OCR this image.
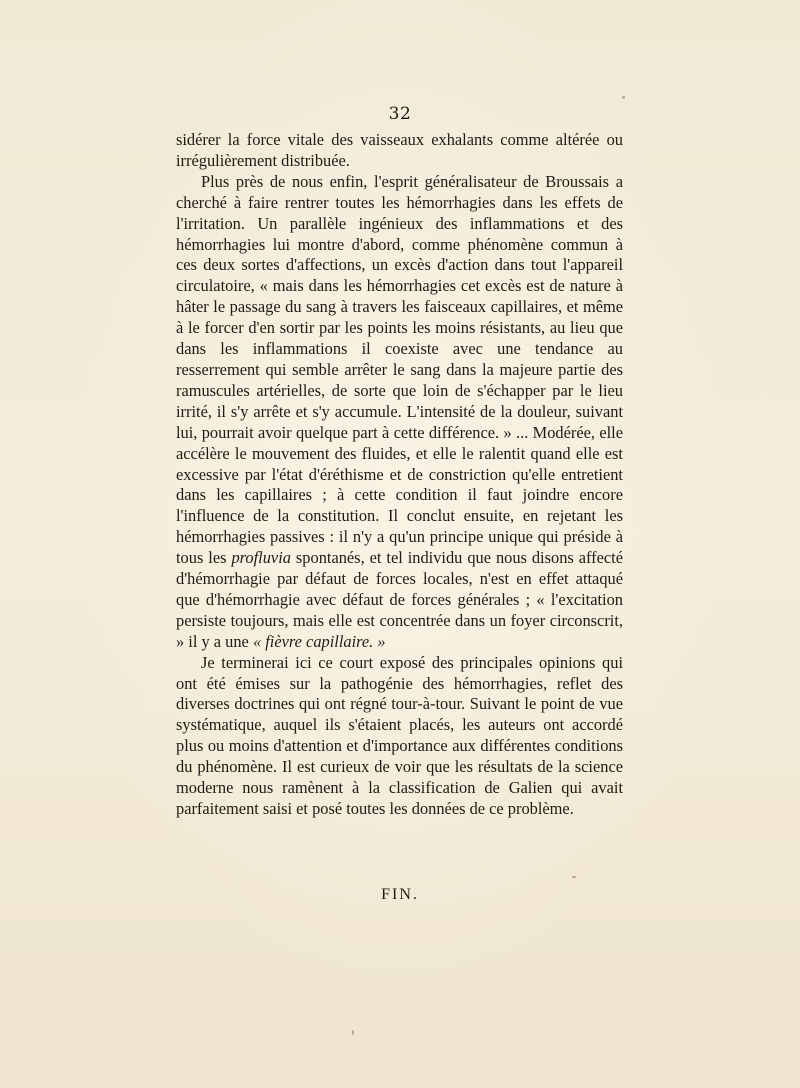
32

sidérer la force vitale des vaisseaux exhalants comme altérée ou irrégulièrement distribuée.

Plus près de nous enfin, l'esprit généralisateur de Broussais a cherché à faire rentrer toutes les hémorrhagies dans les effets de l'irritation. Un parallèle ingénieux des inflammations et des hémorrhagies lui montre d'abord, comme phénomène commun à ces deux sortes d'affections, un excès d'action dans tout l'appareil circulatoire, « mais dans les hémorrhagies cet excès est de nature à hâter le passage du sang à travers les faisceaux capillaires, et même à le forcer d'en sortir par les points les moins résistants, au lieu que dans les inflammations il coexiste avec une tendance au resserrement qui semble arrêter le sang dans la majeure partie des ramuscules artérielles, de sorte que loin de s'échapper par le lieu irrité, il s'y arrête et s'y accumule. L'intensité de la douleur, suivant lui, pourrait avoir quelque part à cette différence. » ... Modérée, elle accélère le mouvement des fluides, et elle le ralentit quand elle est excessive par l'état d'éréthisme et de constriction qu'elle entretient dans les capillaires ; à cette condition il faut joindre encore l'influence de la constitution. Il conclut ensuite, en rejetant les hémorrhagies passives : il n'y a qu'un principe unique qui préside à tous les profluvia spontanés, et tel individu que nous disons affecté d'hémorrhagie par défaut de forces locales, n'est en effet attaqué que d'hémorrhagie avec défaut de forces générales ; « l'excitation persiste toujours, mais elle est concentrée dans un foyer circonscrit, » il y a une « fièvre capillaire. »

Je terminerai ici ce court exposé des principales opinions qui ont été émises sur la pathogénie des hémorrhagies, reflet des diverses doctrines qui ont régné tour-à-tour. Suivant le point de vue systématique, auquel ils s'étaient placés, les auteurs ont accordé plus ou moins d'attention et d'importance aux différentes conditions du phénomène. Il est curieux de voir que les résultats de la science moderne nous ramènent à la classification de Galien qui avait parfaitement saisi et posé toutes les données de ce problème.

FIN.
